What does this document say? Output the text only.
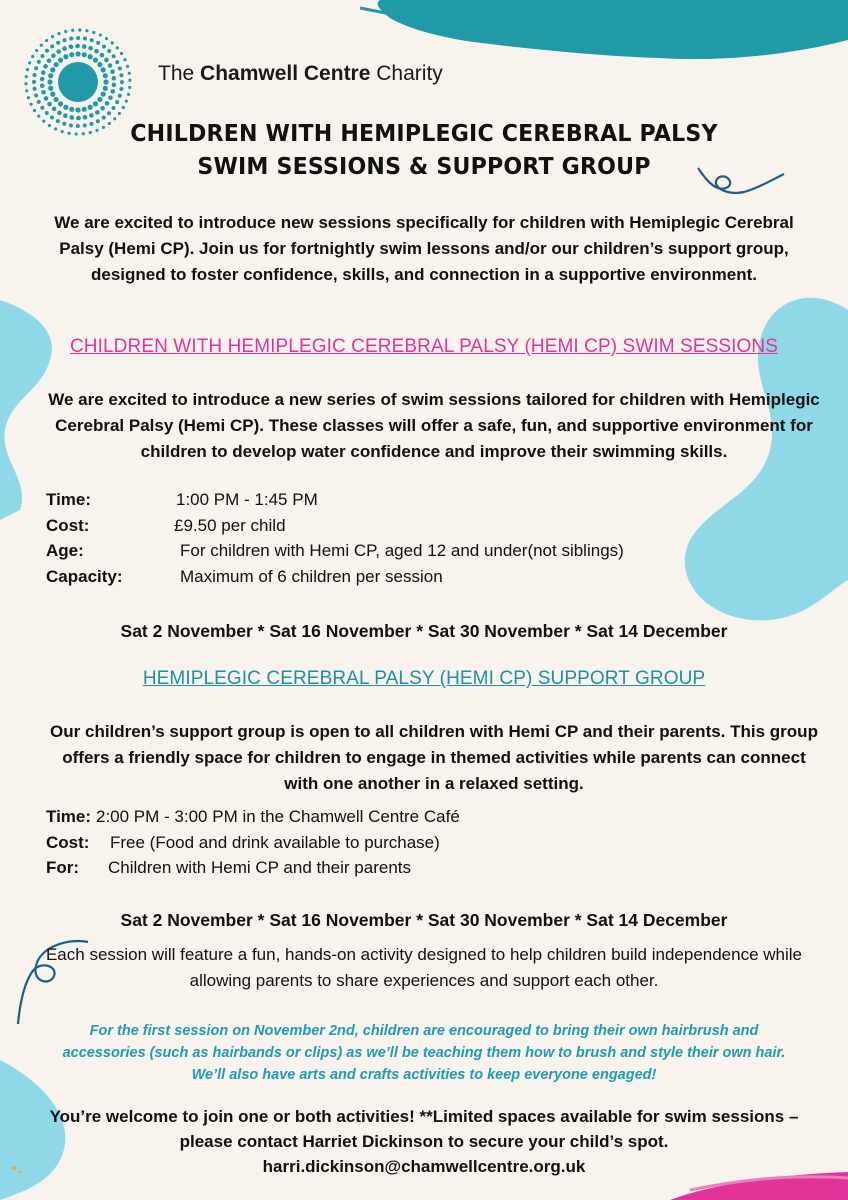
The Chamwell Centre Charity
CHILDREN WITH HEMIPLEGIC CEREBRAL PALSY
SWIM SESSIONS & SUPPORT GROUP
We are excited to introduce new sessions specifically for children with Hemiplegic Cerebral Palsy (Hemi CP). Join us for fortnightly swim lessons and/or our children’s support group, designed to foster confidence, skills, and connection in a supportive environment.
CHILDREN WITH HEMIPLEGIC CEREBRAL PALSY (HEMI CP) SWIM SESSIONS
We are excited to introduce a new series of swim sessions tailored for children with Hemiplegic Cerebral Palsy (Hemi CP). These classes will offer a safe, fun, and supportive environment for children to develop water confidence and improve their swimming skills.
Time:	1:00 PM - 1:45 PM
Cost:	£9.50 per child
Age:	For children with Hemi CP, aged 12 and under(not siblings)
Capacity:	Maximum of 6 children per session
Sat 2 November * Sat 16 November * Sat 30 November * Sat 14 December
HEMIPLEGIC CEREBRAL PALSY (HEMI CP) SUPPORT GROUP
Our children’s support group is open to all children with Hemi CP and their parents. This group offers a friendly space for children to engage in themed activities while parents can connect with one another in a relaxed setting.
Time: 2:00 PM - 3:00 PM in the Chamwell Centre Café
Cost: Free (Food and drink available to purchase)
For: Children with Hemi CP and their parents
Sat 2 November * Sat 16 November * Sat 30 November * Sat 14 December
Each session will feature a fun, hands-on activity designed to help children build independence while allowing parents to share experiences and support each other.
For the first session on November 2nd, children are encouraged to bring their own hairbrush and accessories (such as hairbands or clips) as we’ll be teaching them how to brush and style their own hair. We’ll also have arts and crafts activities to keep everyone engaged!
You’re welcome to join one or both activities! **Limited spaces available for swim sessions – please contact Harriet Dickinson to secure your child’s spot.
harri.dickinson@chamwellcentre.org.uk
